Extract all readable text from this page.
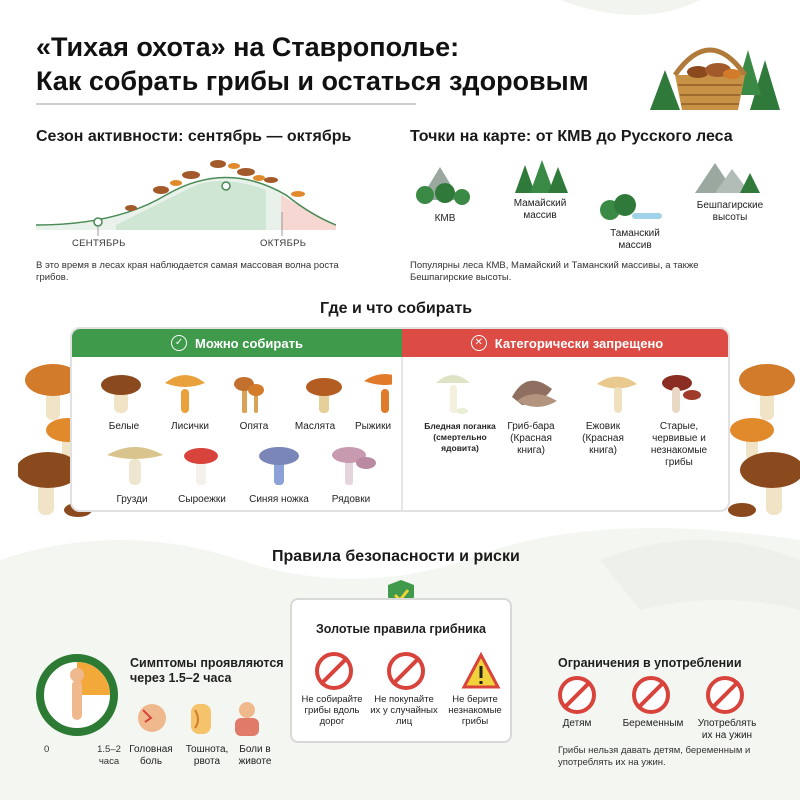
«Тихая охота» на Ставрополье:
Как собрать грибы и остаться здоровым
Сезон активности: сентябрь — октябрь
СЕНТЯБРЬ	ОКТЯБРЬ
В это время в лесах края наблюдается самая массовая волна роста грибов.
Точки на карте: от КМВ до Русского леса
КМВ
Мамайский массив
Таманский массив
Бешпагирские высоты
Популярны леса КМВ, Мамайский и Таманский массивы, а также Бешпагирские высоты.
Где и что собирать
✓ Можно собирать	✕ Категорически запрещено
Белые	Лисички	Опята	Маслята	Рыжики
Грузди	Сыроежки	Синяя ножка	Рядовки
Бледная поганка (смертельно ядовита)
Гриб-бара (Красная книга)
Ежовик (Красная книга)
Старые, червивые и незнакомые грибы
Правила безопасности и риски
0	1.5–2 часа
Симптомы проявляются через 1.5–2 часа
Головная боль
Тошнота, рвота
Боли в животе
Золотые правила грибника
Не собирайте грибы вдоль дорог
Не покупайте их у случайных лиц
Не берите незнакомые грибы
Ограничения в употреблении
Детям	Беременным	Употреблять их на ужин
Грибы нельзя давать детям, беременным и употреблять их на ужин.
